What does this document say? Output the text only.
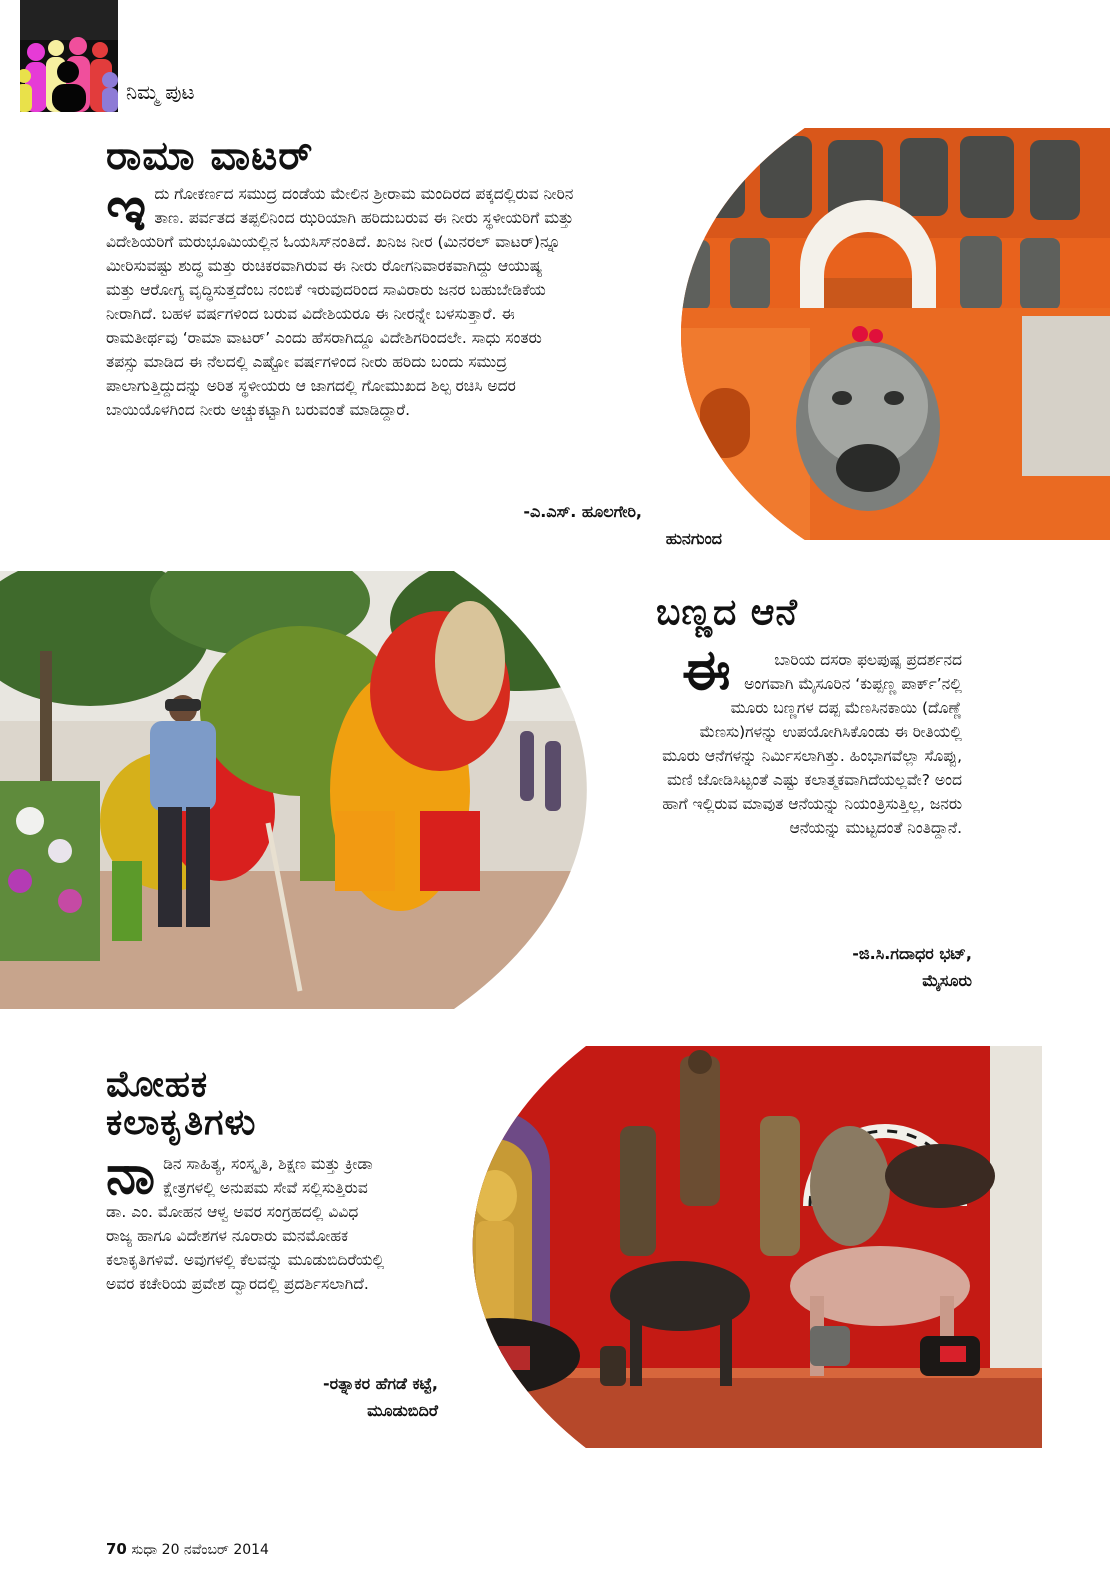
ನಿಮ್ಮ ಪುಟ
ರಾಮಾ ವಾಟರ್
ಇದು ಗೋಕರ್ಣದ ಸಮುದ್ರ ದಂಡೆಯ ಮೇಲಿನ ಶ್ರೀರಾಮ ಮಂದಿರದ ಪಕ್ಕದಲ್ಲಿರುವ ನೀರಿನ ತಾಣ. ಪರ್ವತದ ತಪ್ಪಲಿನಿಂದ ಝರಿಯಾಗಿ ಹರಿದುಬರುವ ಈ ನೀರು ಸ್ಥಳೀಯರಿಗೆ ಮತ್ತು ವಿದೇಶಿಯರಿಗೆ ಮರುಭೂಮಿಯಲ್ಲಿನ ಓಯಸಿಸ್‌ನಂತಿದೆ. ಖನಿಜ ನೀರ (ಮಿನರಲ್ ವಾಟರ್)ನ್ನೂ ಮೀರಿಸುವಷ್ಟು ಶುದ್ಧ ಮತ್ತು ರುಚಿಕರವಾಗಿರುವ ಈ ನೀರು ರೋಗನಿವಾರಕವಾಗಿದ್ದು ಆಯುಷ್ಯ ಮತ್ತು ಆರೋಗ್ಯ ವೃದ್ಧಿಸುತ್ತದೆಂಬ ನಂಬಿಕೆ ಇರುವುದರಿಂದ ಸಾವಿರಾರು ಜನರ ಬಹುಬೇಡಿಕೆಯ ನೀರಾಗಿದೆ. ಬಹಳ ವರ್ಷಗಳಿಂದ ಬರುವ ವಿದೇಶಿಯರೂ ಈ ನೀರನ್ನೇ ಬಳಸುತ್ತಾರೆ. ಈ ರಾಮತೀರ್ಥವು ‘ರಾಮಾ ವಾಟರ್’ ಎಂದು ಹೆಸರಾಗಿದ್ದೂ ವಿದೇಶಿಗರಿಂದಲೇ. ಸಾಧು ಸಂತರು ತಪಸ್ಸು ಮಾಡಿದ ಈ ನೆಲದಲ್ಲಿ ಎಷ್ಟೋ ವರ್ಷಗಳಿಂದ ನೀರು ಹರಿದು ಬಂದು ಸಮುದ್ರ ಪಾಲಾಗುತ್ತಿದ್ದುದನ್ನು ಅರಿತ ಸ್ಥಳೀಯರು ಆ ಜಾಗದಲ್ಲಿ ಗೋಮುಖದ ಶಿಲ್ಪ ರಚಿಸಿ ಅದರ ಬಾಯಿಯೊಳಗಿಂದ ನೀರು ಅಚ್ಚುಕಟ್ಟಾಗಿ ಬರುವಂತೆ ಮಾಡಿದ್ದಾರೆ.
-ಎ.ಎಸ್. ಹೂಲಗೇರಿ,
ಹುನಗುಂದ
ಬಣ್ಣದ ಆನೆ
ಈ	ಬಾರಿಯ ದಸರಾ ಫಲಪುಷ್ಪ ಪ್ರದರ್ಶನದ ಅಂಗವಾಗಿ ಮೈಸೂರಿನ ‘ಕುಪ್ಪಣ್ಣ ಪಾರ್ಕ್’ನಲ್ಲಿ ಮೂರು ಬಣ್ಣಗಳ ದಪ್ಪ ಮೆಣಸಿನಕಾಯಿ (ದೊಣ್ಣೆ ಮೆಣಸು)ಗಳನ್ನು ಉಪಯೋಗಿಸಿಕೊಂಡು ಈ ರೀತಿಯಲ್ಲಿ ಮೂರು ಆನೆಗಳನ್ನು ನಿರ್ಮಿಸಲಾಗಿತ್ತು. ಹಿಂಭಾಗವೆಲ್ಲಾ ಸೊಪ್ಪು, ಮಣಿ ಜೋಡಿಸಿಟ್ಟಂತೆ ಎಷ್ಟು ಕಲಾತ್ಮಕವಾಗಿದೆಯಲ್ಲವೇ? ಅಂದ ಹಾಗೆ ಇಲ್ಲಿರುವ ಮಾವುತ ಆನೆಯನ್ನು ನಿಯಂತ್ರಿಸುತ್ತಿಲ್ಲ, ಜನರು ಆನೆಯನ್ನು ಮುಟ್ಟದಂತೆ ನಿಂತಿದ್ದಾನೆ.
-ಜಿ.ಸಿ.ಗದಾಧರ ಭಟ್,
ಮೈಸೂರು
ಮೋಹಕ
ಕಲಾಕೃತಿಗಳು
ನಾಡಿನ ಸಾಹಿತ್ಯ, ಸಂಸ್ಕೃತಿ, ಶಿಕ್ಷಣ ಮತ್ತು ಕ್ರೀಡಾ ಕ್ಷೇತ್ರಗಳಲ್ಲಿ ಅನುಪಮ ಸೇವೆ ಸಲ್ಲಿಸುತ್ತಿರುವ ಡಾ. ಎಂ. ಮೋಹನ ಆಳ್ವ ಅವರ ಸಂಗ್ರಹದಲ್ಲಿ ವಿವಿಧ ರಾಜ್ಯ ಹಾಗೂ ವಿದೇಶಗಳ ನೂರಾರು ಮನಮೋಹಕ ಕಲಾಕೃತಿಗಳಿವೆ. ಅವುಗಳಲ್ಲಿ ಕೆಲವನ್ನು ಮೂಡುಬಿದಿರೆಯಲ್ಲಿ ಅವರ ಕಚೇರಿಯ ಪ್ರವೇಶ ದ್ವಾರದಲ್ಲಿ ಪ್ರದರ್ಶಿಸಲಾಗಿದೆ.
-ರತ್ನಾಕರ ಹೆಗಡೆ ಕಟ್ಟೆ,
ಮೂಡುಬಿದಿರೆ
70 ಸುಧಾ 20 ನವೆಂಬರ್ 2014
